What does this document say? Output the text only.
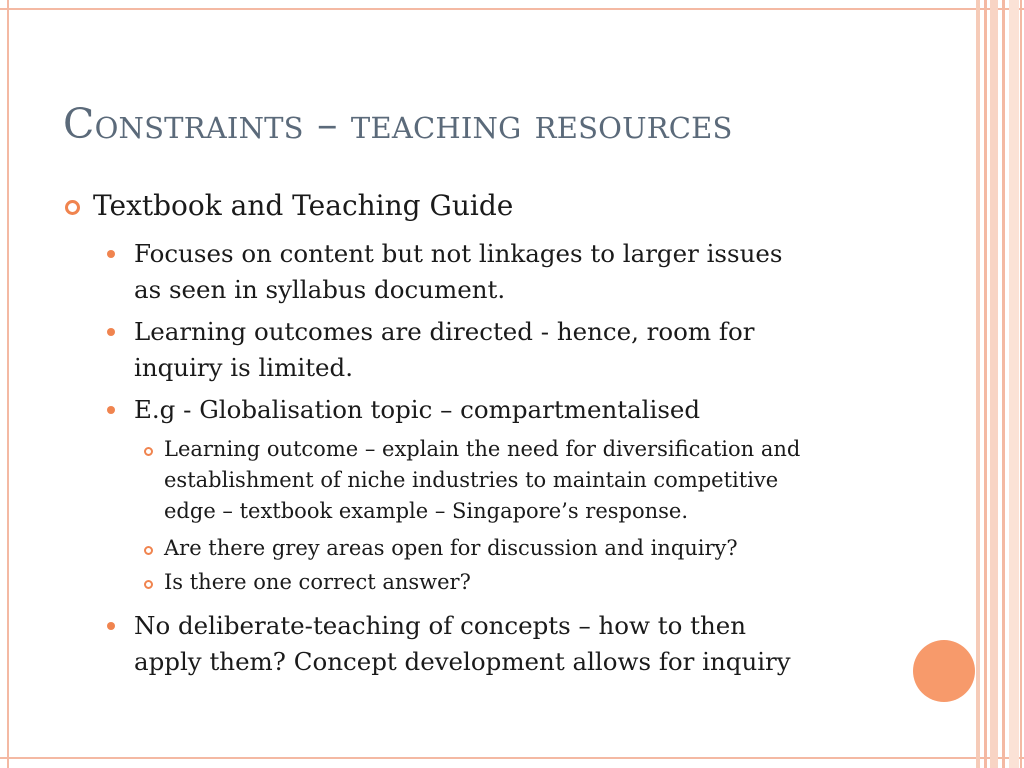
Constraints – teaching resources
Textbook and Teaching Guide
Focuses on content but not linkages to larger issues
as seen in syllabus document.
Learning outcomes are directed - hence, room for
inquiry is limited.
E.g - Globalisation topic – compartmentalised
Learning outcome – explain the need for diversification and
establishment of niche industries to maintain competitive
edge – textbook example – Singapore’s response.
Are there grey areas open for discussion and inquiry?
Is there one correct answer?
No deliberate-teaching of concepts – how to then
apply them? Concept development allows for inquiry
